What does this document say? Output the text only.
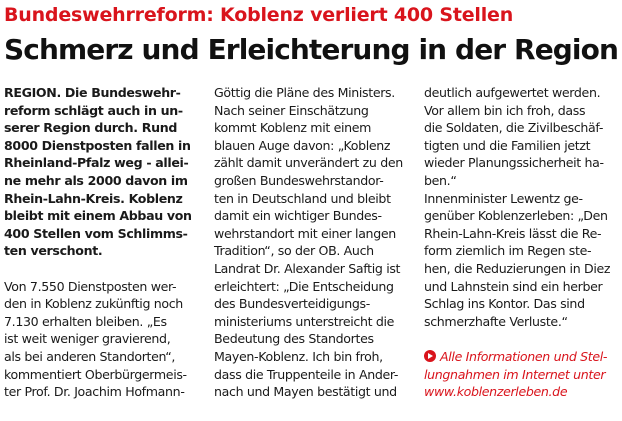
Bundeswehrreform: Koblenz verliert 400 Stellen
Schmerz und Erleichterung in der Region
REGION. Die Bundeswehr-
reform schlägt auch in un-
serer Region durch. Rund
8000 Dienstposten fallen in
Rheinland-Pfalz weg - allei-
ne mehr als 2000 davon im
Rhein-Lahn-Kreis. Koblenz
bleibt mit einem Abbau von
400 Stellen vom Schlimms-
ten verschont.
Von 7.550 Dienstposten wer-
den in Koblenz zukünftig noch
7.130 erhalten bleiben. „Es
ist weit weniger gravierend,
als bei anderen Standorten“,
kommentiert Oberbürgermeis-
ter Prof. Dr. Joachim Hofmann-
Göttig die Pläne des Ministers.
Nach seiner Einschätzung
kommt Koblenz mit einem
blauen Auge davon: „Koblenz
zählt damit unverändert zu den
großen Bundeswehrstandor-
ten in Deutschland und bleibt
damit ein wichtiger Bundes-
wehrstandort mit einer langen
Tradition“, so der OB. Auch
Landrat Dr. Alexander Saftig ist
erleichtert: „Die Entscheidung
des Bundesverteidigungs-
ministeriums unterstreicht die
Bedeutung des Standortes
Mayen-Koblenz. Ich bin froh,
dass die Truppenteile in Ander-
nach und Mayen bestätigt und
deutlich aufgewertet werden.
Vor allem bin ich froh, dass
die Soldaten, die Zivilbeschäf-
tigten und die Familien jetzt
wieder Planungssicherheit ha-
ben.“
Innenminister Lewentz ge-
genüber Koblenzerleben: „Den
Rhein-Lahn-Kreis lässt die Re-
form ziemlich im Regen ste-
hen, die Reduzierungen in Diez
und Lahnstein sind ein herber
Schlag ins Kontor. Das sind
schmerzhafte Verluste.“
Alle Informationen und Stel-
lungnahmen im Internet unter
www.koblenzerleben.de
